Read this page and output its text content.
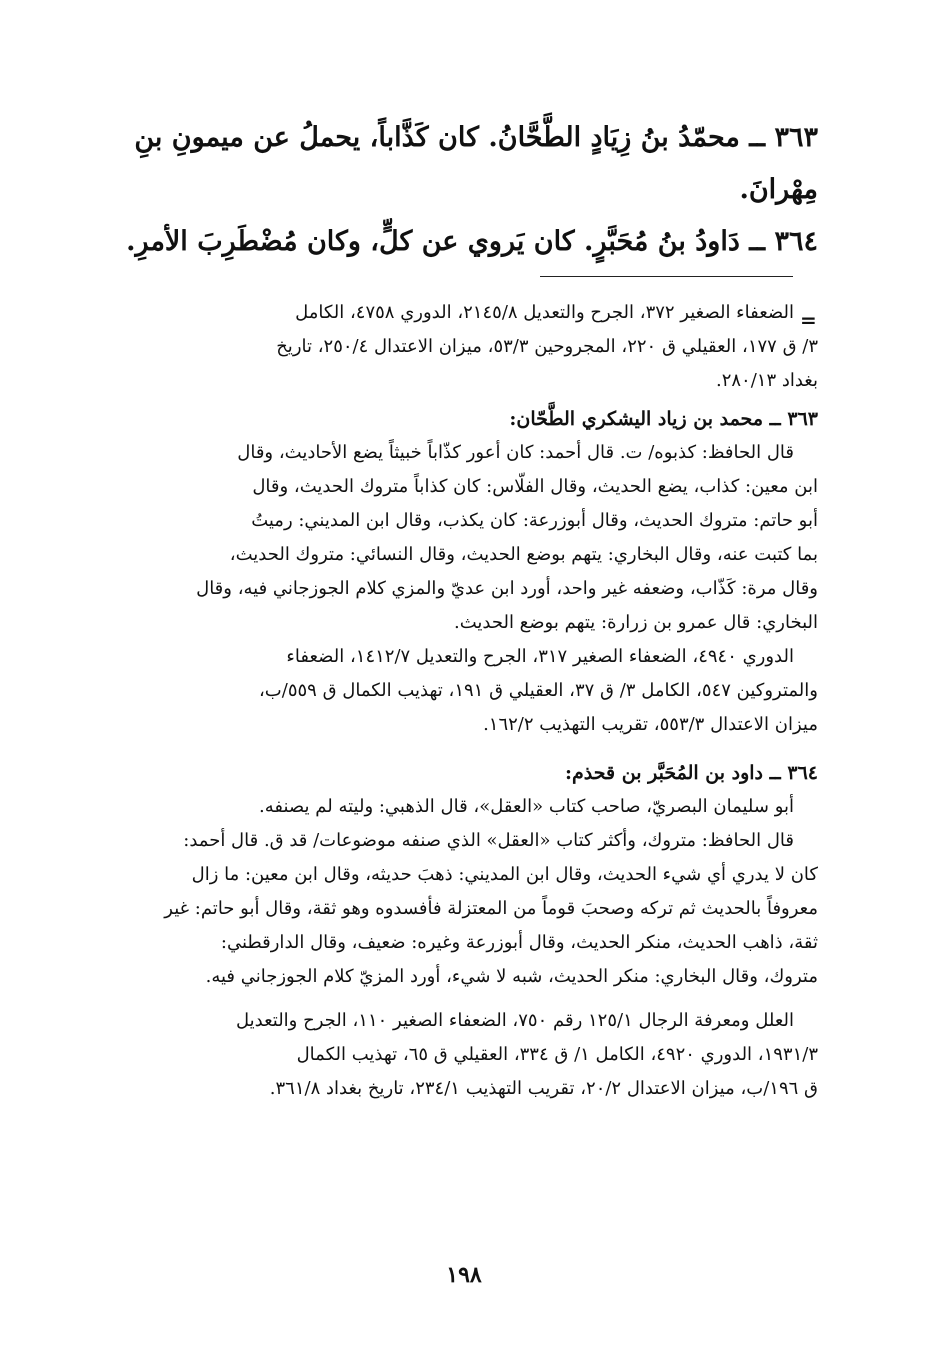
٣٦٣ ــ محمّدُ بنُ زِيَادٍ الطَّحَّانُ. كان كَذَّاباً، يحملُ عن ميمونِ بنِ

مِهْرانَ.

٣٦٤ ــ دَاودُ بنُ مُحَبَّرٍ. كان يَروي عن كلٍّ، وكان مُضْطَرِبَ الأمرِ.

=

الضعفاء الصغير ٣٧٢، الجرح والتعديل ٢١٤٥/٨، الدوري ٤٧٥٨، الكامل

٣/ ق ١٧٧، العقيلي ق ٢٢٠، المجروحين ٥٣/٣، ميزان الاعتدال ٢٥٠/٤، تاريخ

بغداد ٢٨٠/١٣.

٣٦٣ ــ محمد بن زياد اليشكري الطَّحّان:

قال الحافظ: كذبوه/ ت. قال أحمد: كان أعور كذّاباً خبيثاً يضع الأحاديث، وقال

ابن معين: كذاب، يضع الحديث، وقال الفلّاس: كان كذاباً متروك الحديث، وقال

أبو حاتم: متروك الحديث، وقال أبوزرعة: كان يكذب، وقال ابن المديني: رميتُ

بما كتبت عنه، وقال البخاري: يتهم بوضع الحديث، وقال النسائي: متروك الحديث،

وقال مرة: كَذّاب، وضعفه غير واحد، أورد ابن عديّ والمزي كلام الجوزجاني فيه، وقال

البخاري: قال عمرو بن زرارة: يتهم بوضع الحديث.

الدوري ٤٩٤٠، الضعفاء الصغير ٣١٧، الجرح والتعديل ١٤١٢/٧، الضعفاء

والمتروكين ٥٤٧، الكامل ٣/ ق ٣٧، العقيلي ق ١٩١، تهذيب الكمال ق ٥٥٩/ب،

ميزان الاعتدال ٥٥٣/٣، تقريب التهذيب ١٦٢/٢.

٣٦٤ ــ داود بن المُحَبَّر بن قحذم:

أبو سليمان البصريّ، صاحب كتاب «العقل»، قال الذهبي: وليته لم يصنفه.

قال الحافظ: متروك، وأكثر كتاب «العقل» الذي صنفه موضوعات/ قد ق. قال أحمد:

كان لا يدري أي شيء الحديث، وقال ابن المديني: ذهبَ حديثه، وقال ابن معين: ما زال

معروفاً بالحديث ثم تركه وصحبَ قوماً من المعتزلة فأفسدوه وهو ثقة، وقال أبو حاتم: غير

ثقة، ذاهب الحديث، منكر الحديث، وقال أبوزرعة وغيره: ضعيف، وقال الدارقطني:

متروك، وقال البخاري: منكر الحديث، شبه لا شيء، أورد المزيّ كلام الجوزجاني فيه.

العلل ومعرفة الرجال ١٢٥/١ رقم ٧٥٠، الضعفاء الصغير ١١٠، الجرح والتعديل

١٩٣١/٣، الدوري ٤٩٢٠، الكامل ١/ ق ٣٣٤، العقيلي ق ٦٥، تهذيب الكمال

ق ١٩٦/ب، ميزان الاعتدال ٢٠/٢، تقريب التهذيب ٢٣٤/١، تاريخ بغداد ٣٦١/٨.

١٩٨
